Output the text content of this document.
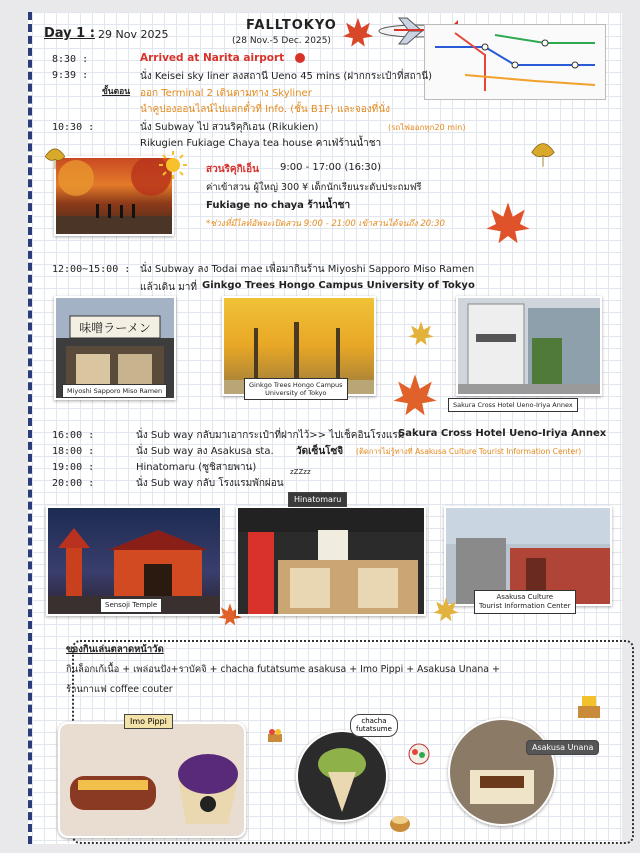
Day 1 : 29 Nov 2025
FALLTOKYO
(28 Nov.-5 Dec. 2025)
8:30 :	Arrived at Narita airport
9:39 :	นั่ง Keisei sky liner ลงสถานี Ueno 45 mins (ฝากกระเป๋าที่สถานี)
ขั้นตอน ออก Terminal 2 เดินตามทาง Skyliner
นำคูปองออนไลน์ไปแลกตั๋วที่ Info. (ชั้น B1F) และจองที่นั่ง
10:30 :	นั่ง Subway ไป สวนริคุกิเอน (Rikukien)	(รถไฟออกทุก20 min)
Rikugien Fukiage Chaya tea house คาเฟ่ร้านน้ำชา
สวนริคุกิเอ็น 9:00 - 17:00 (16:30)
ค่าเข้าสวน ผู้ใหญ่ 300 ¥ เด็กนักเรียนระดับประถมฟรี
Fukiage no chaya ร้านน้ำชา
*ช่วงที่มีไลท์อัพจะเปิดสวน 9:00 - 21:00 เข้าสวนได้จนถึง 20:30
12:00~15:00 : นั่ง Subway ลง Todai mae เพื่อมากินร้าน Miyoshi Sapporo Miso Ramen
แล้วเดิน มาที่ Ginkgo Trees Hongo Campus University of Tokyo
味噌ラーメン
Miyoshi Sapporo Miso Ramen
Ginkgo Trees Hongo Campus
University of Tokyo
Sakura Cross Hotel Ueno-Iriya Annex
16:00 :	นั่ง Sub way กลับมาเอากระเป๋าที่ฝากไว้>> ไปเช็คอินโรงแรม
Sakura Cross Hotel Ueno-Iriya Annex
18:00 :	นั่ง Sub way ลง Asakusa sta. วัดเซ็นโซจิ (ติดการไม่รู้ทางที่ Asakusa Culture Tourist Information Center)
19:00 :	Hinatomaru (ซูชิสายพาน)
20:00 :	นั่ง Sub way กลับ โรงแรมพักผ่อน
zZZzz
Sensoji Temple
Hinatomaru
Asakusa Culture
Tourist Information Center
ของกินเล่นตลาดหน้าวัด
กินล็อกเก้เนื้อ + เพล่อนปัง+ราบัคจิ + chacha futatsume asakusa + Imo Pippi + Asakusa Unana +
ร้านกาแฟ coffee couter
Imo Pippi	chacha
futatsume
Asakusa Unana
